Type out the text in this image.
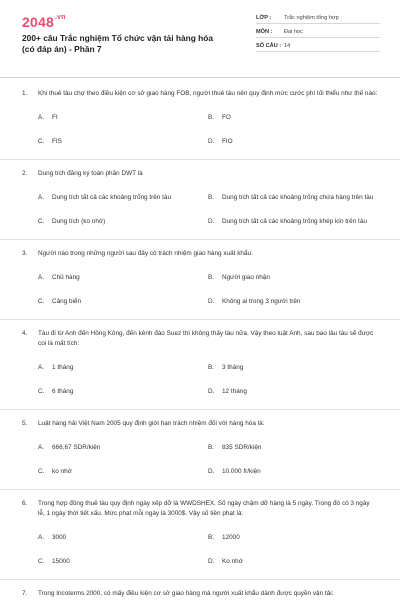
$2048^{.vn}$
200+ câu Trắc nghiệm Tổ chức vận tải hàng hóa (có đáp án) - Phần 7
LỚP :	Trắc nghiệm tổng hợp
MÔN :	Đại học
SỐ CÂU : 14
1.	Khi thuê tàu chợ theo điều kiện cơ sở giao hàng FOB, người thuê tàu nên quy định mức cước phí tối thiểu như thế nào:
A.	FI	B.	FO
C.	FIS	D.	FIO
2.	Dung tích đăng ký toàn phần DWT là
A.	Dung tích tất cả các khoảng trống trên tàu	B.	Dung tích tất cả các khoảng trống chứa hàng trên tàu
C.	Dung tích (ko nhớ)	D.	Dung tích tất cả các khoảng trống khép kín trên tàu
3.	Người nào trong những người sau đây có trách nhiệm giao hàng xuất khẩu:
A.	Chủ hàng	B.	Người giao nhận
C.	Cảng biển	D.	Không ai trong 3 người trên
4.	Tàu đi từ Anh đến Hồng Kông, đến kênh đào Suez thì không thấy tàu nữa. Vậy theo luật Anh, sau bao lâu tàu sẽ được coi là mất tích:
A.	1 tháng	B.	3 tháng
C.	6 tháng	D.	12 tháng
5.	Luật hàng hải Việt Nam 2005 quy định giới hạn trách nhiệm đối với hàng hóa là:
A.	666,67 SDR/kiện	B.	835 SDR/kiện
C.	ko nhớ	D.	10.000 fr/kiện
6.	Trong hợp đồng thuê tàu quy định ngày xếp dỡ là WWDSHEX. Số ngày chậm dỡ hàng là 5 ngày. Trong đó có 3 ngày lễ, 1 ngày thời tiết xấu. Mức phạt mỗi ngày là 3000$. Vậy số tiền phạt là:
A.	3000	B.	12000
C.	15000	D.	Ko nhớ
7.	Trong Incoterms 2000, có mấy điều kiện cơ sở giao hàng mà người xuất khẩu dành được quyền vận tải:
